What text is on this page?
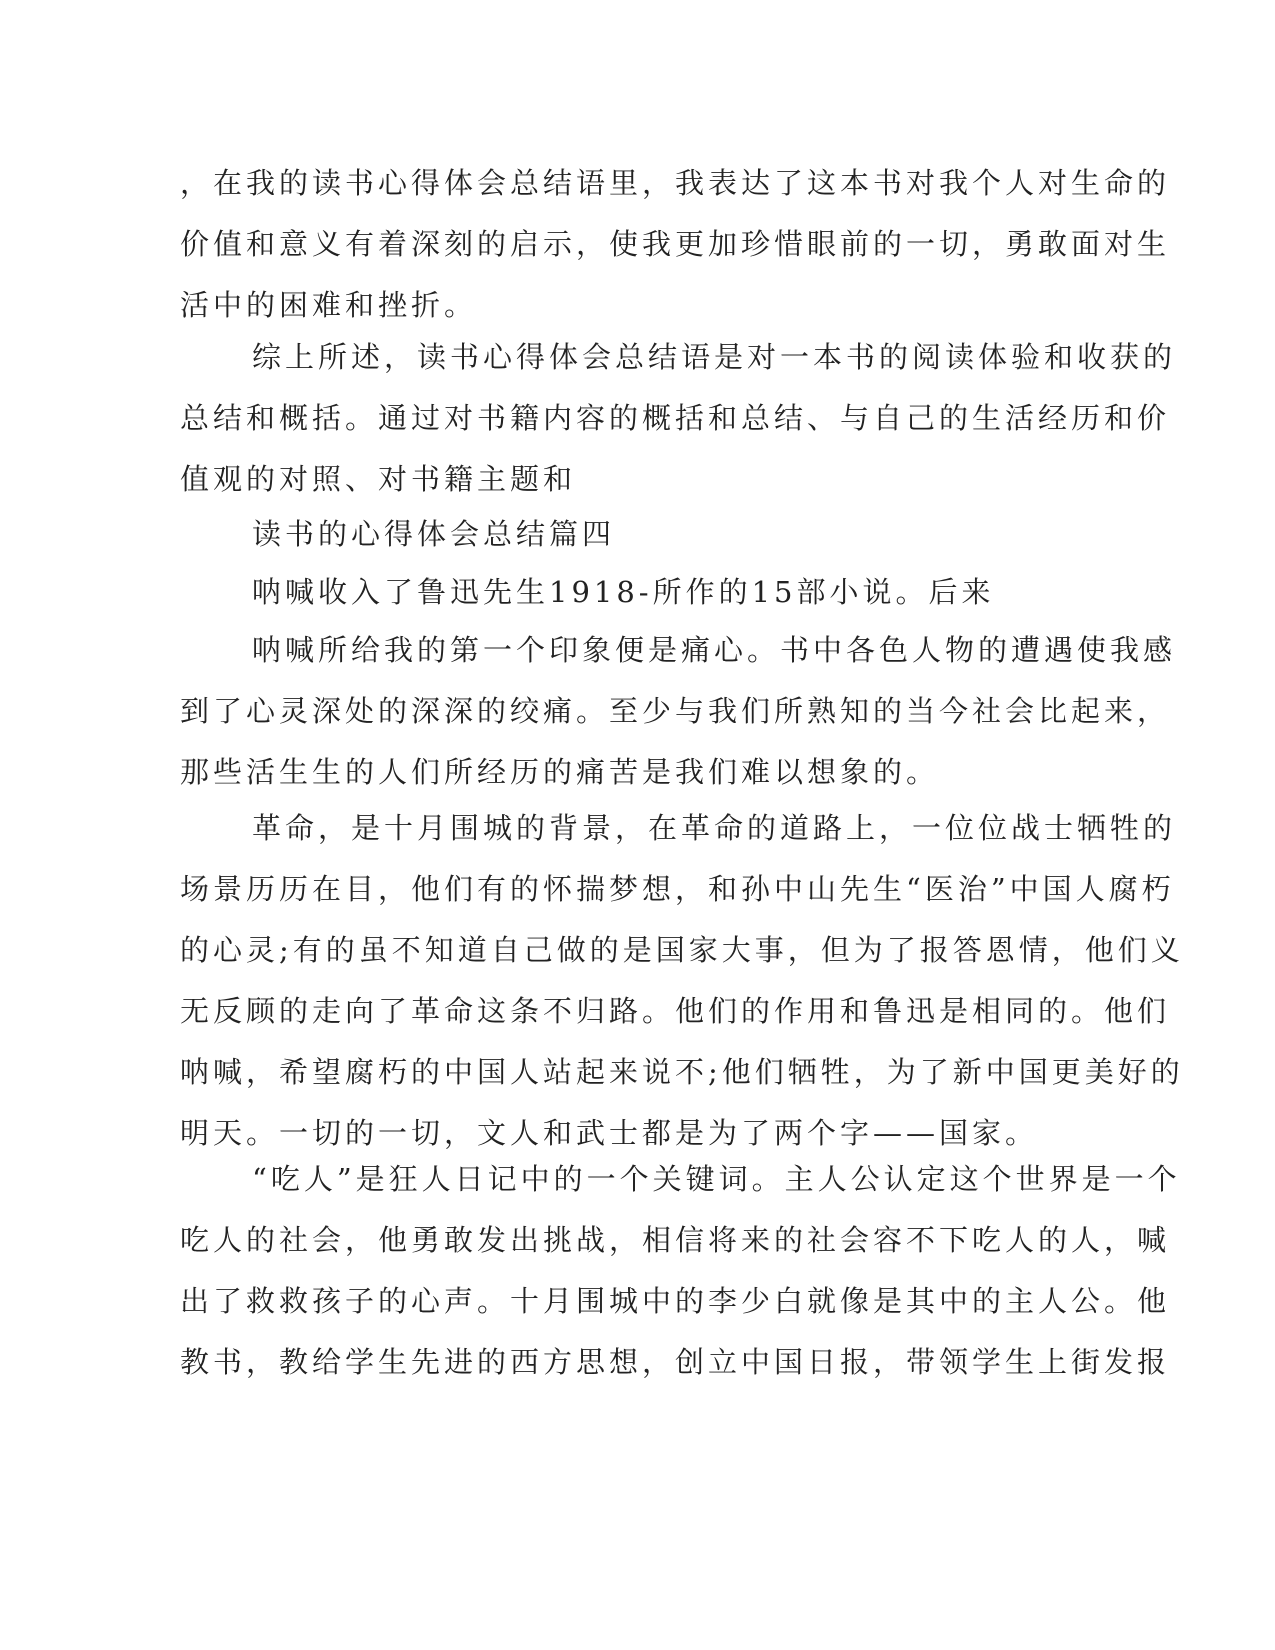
，在我的读书心得体会总结语里，我表达了这本书对我个人对生命的
价值和意义有着深刻的启示，使我更加珍惜眼前的一切，勇敢面对生
活中的困难和挫折。
综上所述，读书心得体会总结语是对一本书的阅读体验和收获的
总结和概括。通过对书籍内容的概括和总结、与自己的生活经历和价
值观的对照、对书籍主题和
读书的心得体会总结篇四
呐喊收入了鲁迅先生1918-所作的15部小说。后来
呐喊所给我的第一个印象便是痛心。书中各色人物的遭遇使我感
到了心灵深处的深深的绞痛。至少与我们所熟知的当今社会比起来，
那些活生生的人们所经历的痛苦是我们难以想象的。
革命，是十月围城的背景，在革命的道路上，一位位战士牺牲的
场景历历在目，他们有的怀揣梦想，和孙中山先生“医治”中国人腐朽
的心灵;有的虽不知道自己做的是国家大事，但为了报答恩情，他们义
无反顾的走向了革命这条不归路。他们的作用和鲁迅是相同的。他们
呐喊，希望腐朽的中国人站起来说不;他们牺牲，为了新中国更美好的
明天。一切的一切，文人和武士都是为了两个字——国家。
“吃人”是狂人日记中的一个关键词。主人公认定这个世界是一个
吃人的社会，他勇敢发出挑战，相信将来的社会容不下吃人的人，喊
出了救救孩子的心声。十月围城中的李少白就像是其中的主人公。他
教书，教给学生先进的西方思想，创立中国日报，带领学生上街发报
